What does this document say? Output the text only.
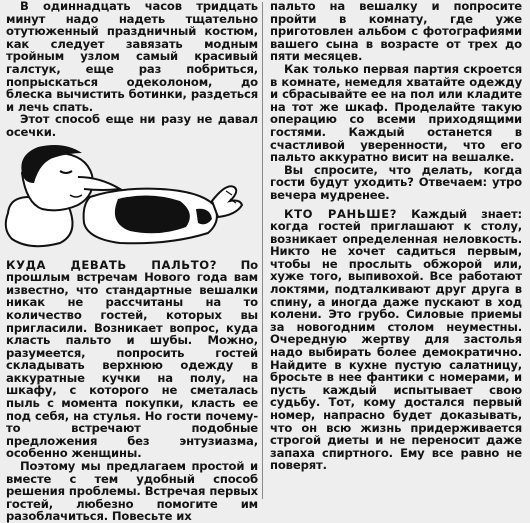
В одиннадцать часов тридцать минут надо надеть тщательно отутюженный праздничный костюм, как следует завязать модным тройным узлом самый красивый галстук, еще раз побриться, попрыскаться одеколоном, до блеска вычистить ботинки, раздеться и лечь спать.

Этот способ еще ни разу не давал осечки.

КУДА ДЕВАТЬ ПАЛЬТО? По прошлым встречам Нового года вам известно, что стандартные вешалки никак не рассчитаны на то количество гостей, которых вы пригласили. Возникает вопрос, куда класть пальто и шубы. Можно, разумеется, попросить гостей складывать верхнюю одежду в аккуратные кучки на полу, на шкафу, с которого не сметалась пыль с момента покупки, класть ее под себя, на стулья. Но гости почему-то встречают подобные предложения без энтузиазма, особенно женщины.

Поэтому мы предлагаем простой и вместе с тем удобный способ решения проблемы. Встречая первых гостей, любезно помогите им разоблачиться. Повесьте их

пальто на вешалку и попросите пройти в комнату, где уже приготовлен альбом с фотографиями вашего сына в возрасте от трех до пяти месяцев.

Как только первая партия скроется в комнате, немедля хватайте одежду и сбрасывайте ее на пол или кладите на тот же шкаф. Проделайте такую операцию со всеми приходящими гостями. Каждый останется в счастливой уверенности, что его пальто аккуратно висит на вешалке.

Вы спросите, что делать, когда гости будут уходить? Отвечаем: утро вечера мудренее.

КТО РАНЬШЕ? Каждый знает: когда гостей приглашают к столу, возникает определенная неловкость. Никто не хочет садиться первым, чтобы не прослыть обжорой или, хуже того, выпивохой. Все работают локтями, подталкивают друг друга в спину, а иногда даже пускают в ход колени. Это грубо. Силовые приемы за новогодним столом неуместны. Очередную жертву для застолья надо выбирать более демократично. Найдите в кухне пустую салатницу, бросьте в нее фантики с номерами, и пусть каждый испытывает свою судьбу. Тот, кому достался первый номер, напрасно будет доказывать, что он всю жизнь придерживается строгой диеты и не переносит даже запаха спиртного. Ему все равно не поверят.
